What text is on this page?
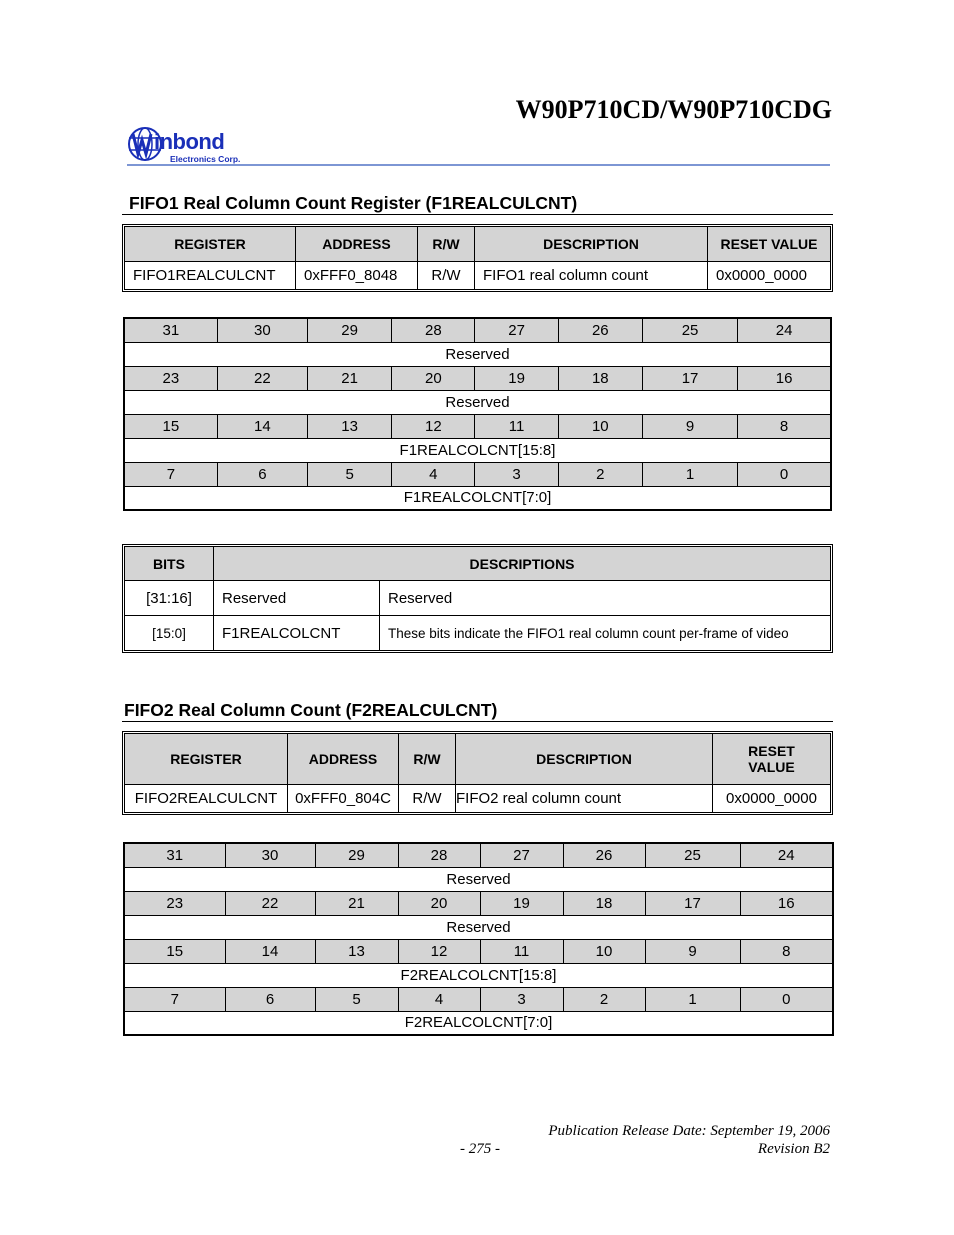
W90P710CD/W90P710CDG
inbond
Electronics Corp.
FIFO1 Real Column Count Register (F1REALCULCNT)
REGISTER	ADDRESS	R/W	DESCRIPTION	RESET VALUE
FIFO1REALCULCNT	0xFFF0_8048	R/W	FIFO1 real column count	0x0000_0000
31	30	29	28	27	26	25	24
Reserved							
23	22	21	20	19	18	17	16
Reserved							
15	14	13	12	11	10	9	8
F1REALCOLCNT[15:8]							
7	6	5	4	3	2	1	0
F1REALCOLCNT[7:0]							
BITS	DESCRIPTIONS	
[31:16]	Reserved	Reserved
[15:0]	F1REALCOLCNT	These bits indicate the FIFO1 real column count per-frame of video
FIFO2 Real Column Count (F2REALCULCNT)
REGISTER	ADDRESS	R/W	DESCRIPTION	RESET VALUE
FIFO2REALCULCNT	0xFFF0_804C	R/W	FIFO2 real column count	0x0000_0000
31	30	29	28	27	26	25	24
Reserved							
23	22	21	20	19	18	17	16
Reserved							
15	14	13	12	11	10	9	8
F2REALCOLCNT[15:8]							
7	6	5	4	3	2	1	0
F2REALCOLCNT[7:0]							
Publication Release Date: September 19, 2006
- 275 -	Revision B2
